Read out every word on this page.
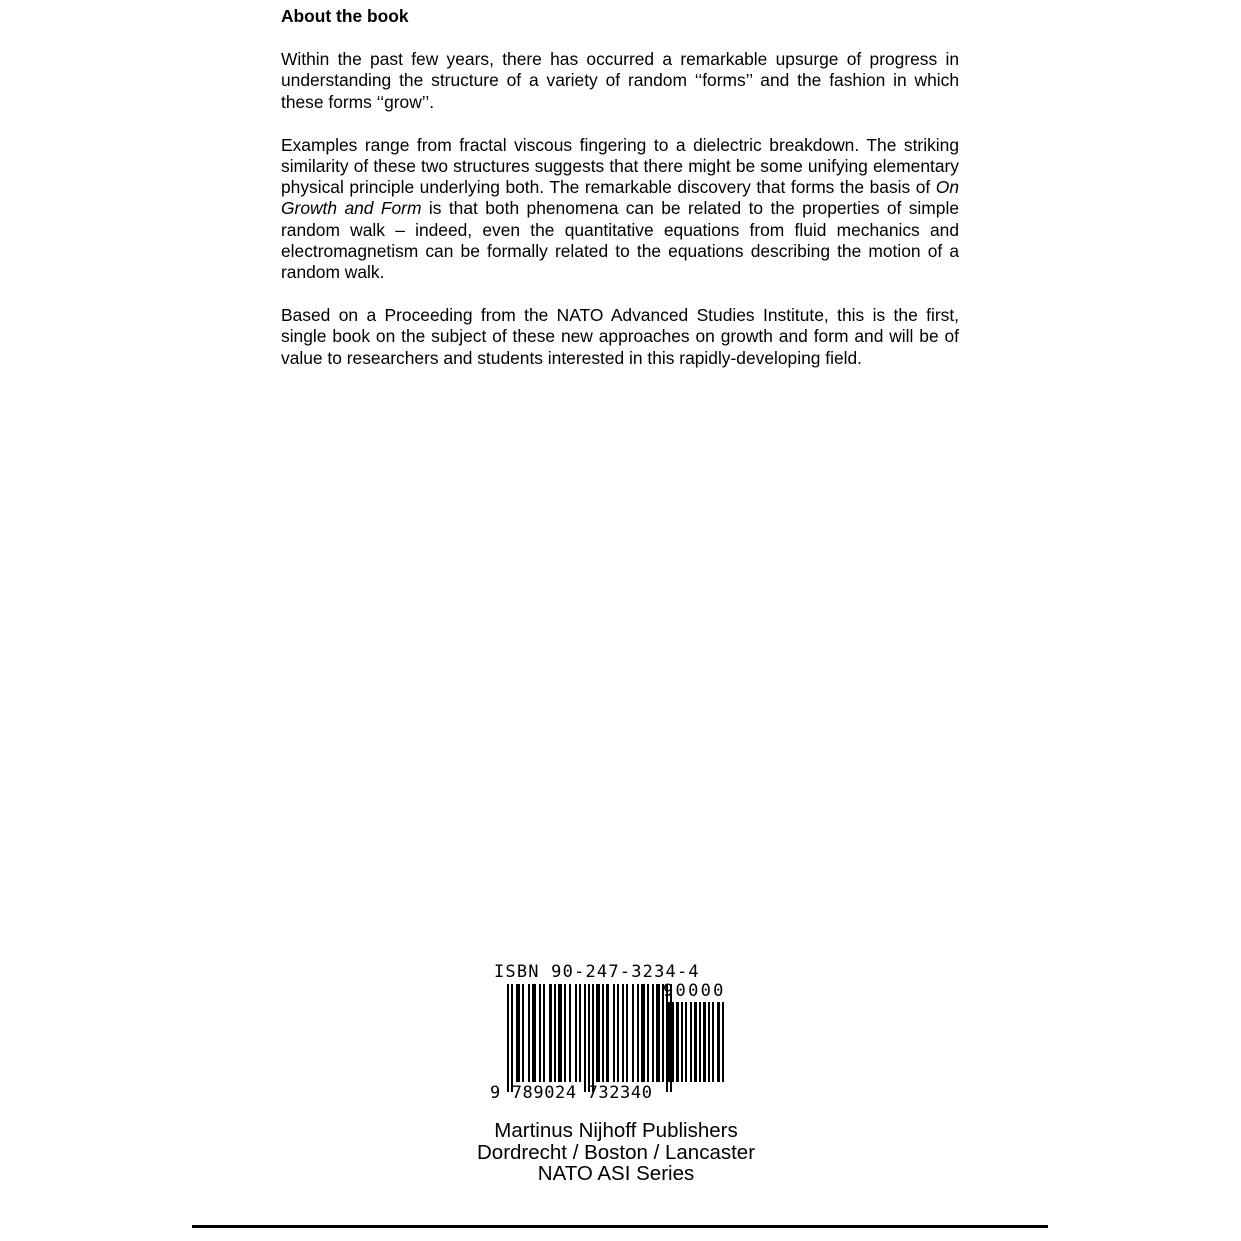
About the book

Within the past few years, there has occurred a remarkable upsurge of progress in understanding the structure of a variety of random ‘‘forms’’ and the fashion in which these forms ‘‘grow’’.

Examples range from fractal viscous fingering to a dielectric breakdown. The striking similarity of these two structures suggests that there might be some unifying elementary physical principle underlying both. The remarkable discovery that forms the basis of On Growth and Form is that both phenomena can be related to the properties of simple random walk – indeed, even the quantitative equations from fluid mechanics and electromagnetism can be formally related to the equations describing the motion of a random walk.

Based on a Proceeding from the NATO Advanced Studies Institute, this is the first, single book on the subject of these new approaches on growth and form and will be of value to researchers and students interested in this rapidly-developing field.

ISBN 90-247-3234-4
90000
9 789024 732340
Martinus Nijhoff Publishers
Dordrecht / Boston / Lancaster
NATO ASI Series
